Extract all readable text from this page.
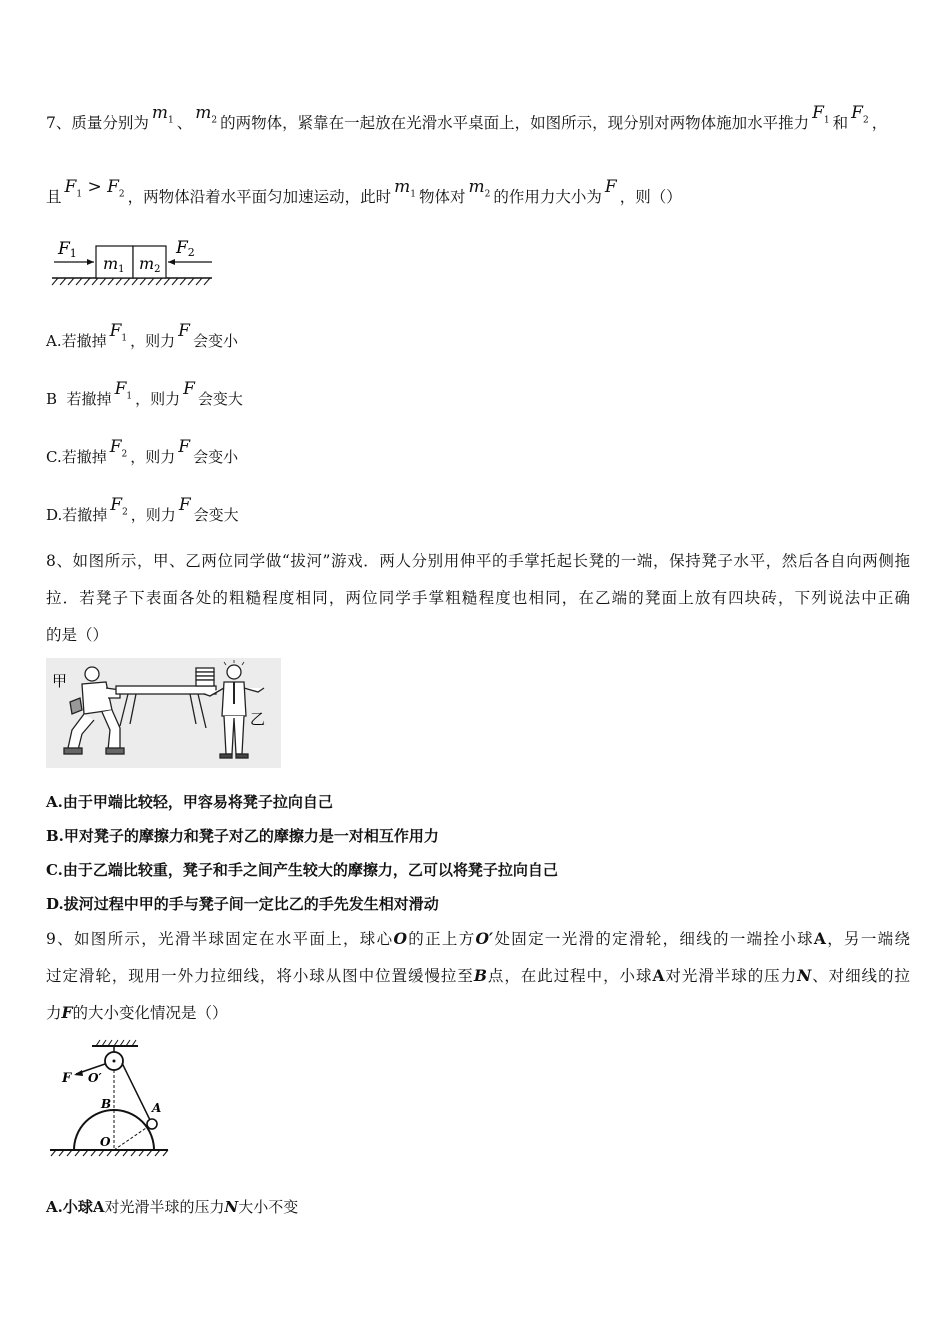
7、质量分别为 $m_1$ 、 $m_2$ 的两物体，紧靠在一起放在光滑水平桌面上，如图所示，现分别对两物体施加水平推力 $F_1$ 和 $F_2$ ，
且 $F_1 > F_2$ ，两物体沿着水平面匀加速运动，此时 $m_1$ 物体对 $m_2$ 的作用力大小为 F ，则（）
F1	F2
m1 m2
A.若撤掉 $F_1$ ，则力 F 会变小
B  若撤掉 $F_1$ ，则力 F 会变大
C.若撤掉 $F_2$ ，则力 F 会变小
D.若撤掉 $F_2$ ，则力 F 会变大
8、如图所示，甲、乙两位同学做“拔河”游戏．两人分别用伸平的手掌托起长凳的一端，保持凳子水平，然后各自向两侧拖
拉．若凳子下表面各处的粗糙程度相同，两位同学手掌粗糙程度也相同，在乙端的凳面上放有四块砖，下列说法中正确
的是（）
甲
乙
A.由于甲端比较轻，甲容易将凳子拉向自己
B.甲对凳子的摩擦力和凳子对乙的摩擦力是一对相互作用力
C.由于乙端比较重，凳子和手之间产生较大的摩擦力，乙可以将凳子拉向自己
D.拔河过程中甲的手与凳子间一定比乙的手先发生相对滑动
9、如图所示，光滑半球固定在水平面上，球心O的正上方O′处固定一光滑的定滑轮，细线的一端拴小球A，另一端绕
过定滑轮，现用一外力拉细线，将小球从图中位置缓慢拉至B点，在此过程中，小球A对光滑半球的压力N、对细线的拉
力F的大小变化情况是（）
F O′
B	A
O
A.小球A对光滑半球的压力N大小不变
